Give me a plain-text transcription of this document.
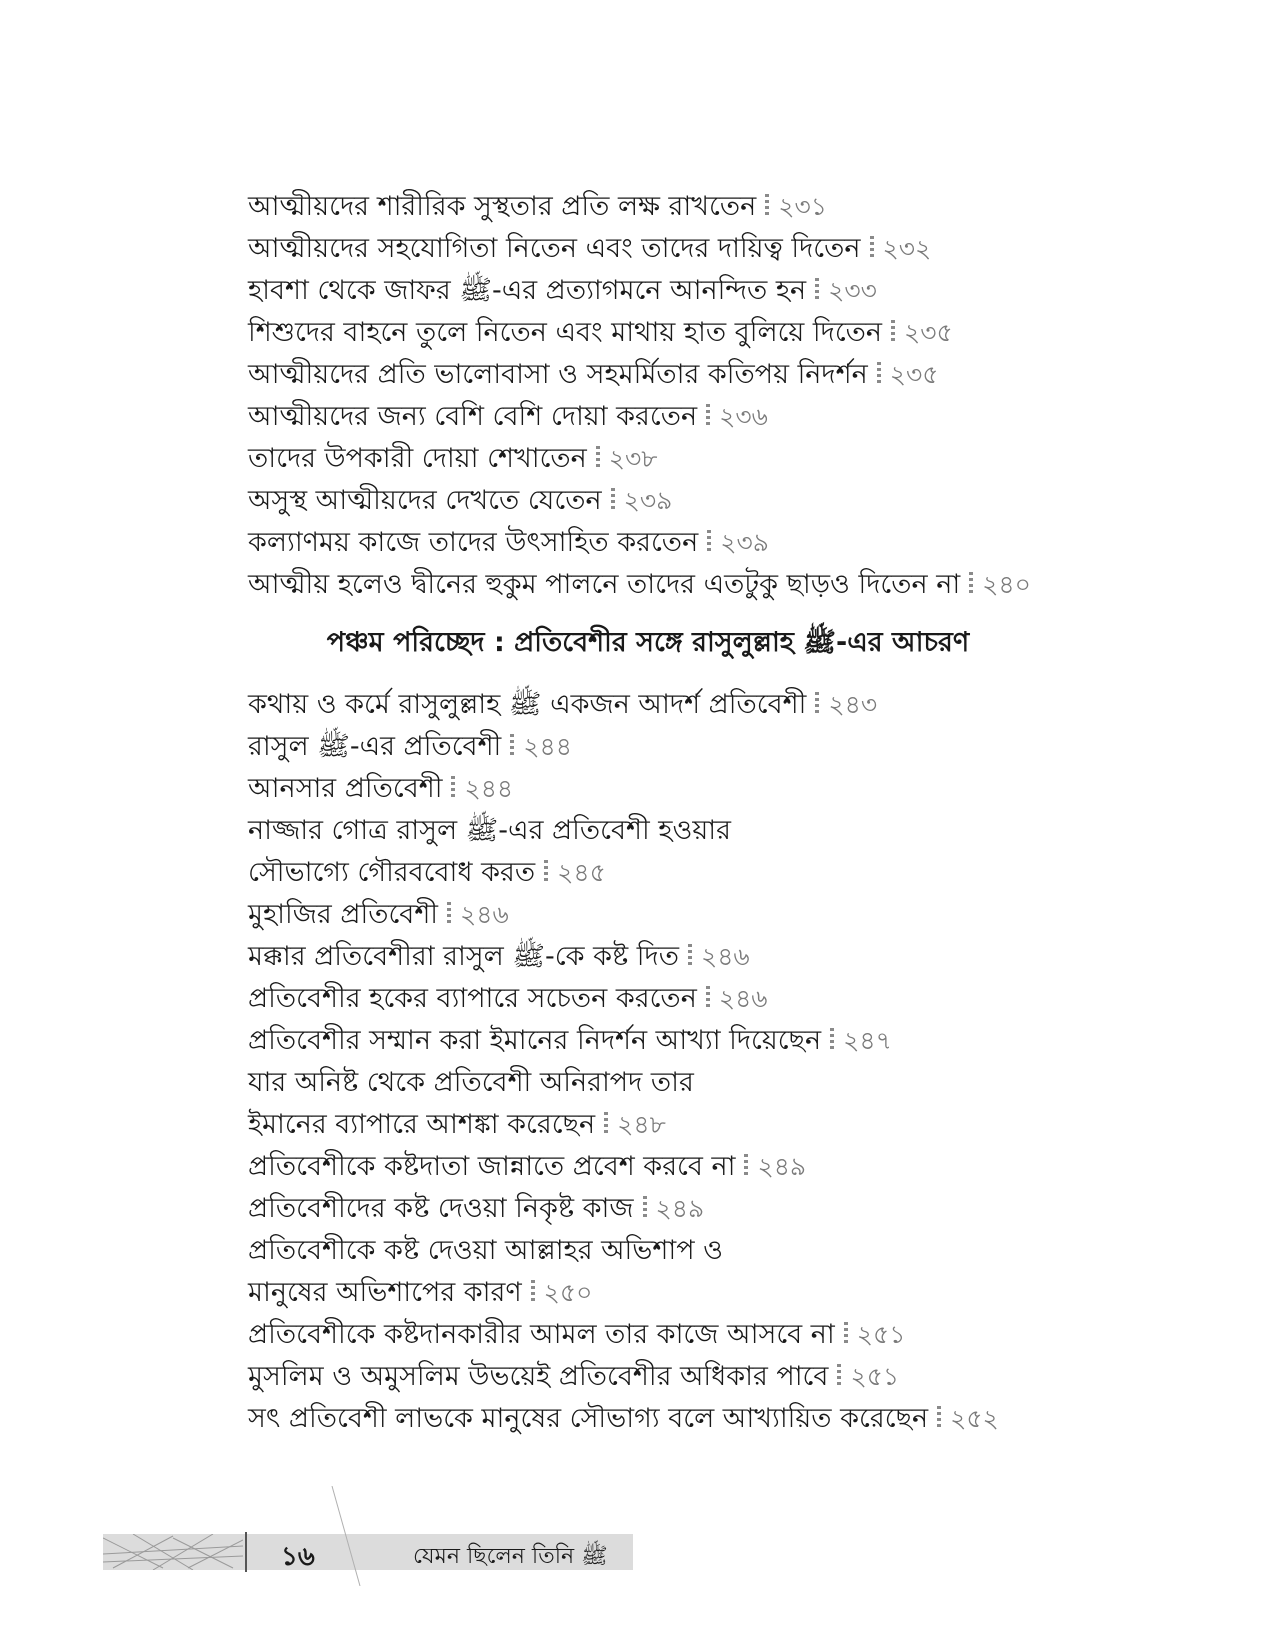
আত্মীয়দের শারীরিক সুস্থতার প্রতি লক্ষ রাখতেন ২৩১
আত্মীয়দের সহযোগিতা নিতেন এবং তাদের দায়িত্ব দিতেন ২৩২
হাবশা থেকে জাফর ﷺ-এর প্রত্যাগমনে আনন্দিত হন ২৩৩
শিশুদের বাহনে তুলে নিতেন এবং মাথায় হাত বুলিয়ে দিতেন ২৩৫
আত্মীয়দের প্রতি ভালোবাসা ও সহমর্মিতার কতিপয় নিদর্শন ২৩৫
আত্মীয়দের জন্য বেশি বেশি দোয়া করতেন ২৩৬
তাদের উপকারী দোয়া শেখাতেন ২৩৮
অসুস্থ আত্মীয়দের দেখতে যেতেন ২৩৯
কল্যাণময় কাজে তাদের উৎসাহিত করতেন ২৩৯
আত্মীয় হলেও দ্বীনের হুকুম পালনে তাদের এতটুকু ছাড়ও দিতেন না ২৪০
পঞ্চম পরিচ্ছেদ : প্রতিবেশীর সঙ্গে রাসুলুল্লাহ ﷺ-এর আচরণ
কথায় ও কর্মে রাসুলুল্লাহ ﷺ একজন আদর্শ প্রতিবেশী ২৪৩
রাসুল ﷺ-এর প্রতিবেশী ২৪৪
আনসার প্রতিবেশী ২৪৪
নাজ্জার গোত্র রাসুল ﷺ-এর প্রতিবেশী হওয়ার
সৌভাগ্যে গৌরববোধ করত ২৪৫
মুহাজির প্রতিবেশী ২৪৬
মক্কার প্রতিবেশীরা রাসুল ﷺ-কে কষ্ট দিত ২৪৬
প্রতিবেশীর হকের ব্যাপারে সচেতন করতেন ২৪৬
প্রতিবেশীর সম্মান করা ইমানের নিদর্শন আখ্যা দিয়েছেন ২৪৭
যার অনিষ্ট থেকে প্রতিবেশী অনিরাপদ তার
ইমানের ব্যাপারে আশঙ্কা করেছেন ২৪৮
প্রতিবেশীকে কষ্টদাতা জান্নাতে প্রবেশ করবে না ২৪৯
প্রতিবেশীদের কষ্ট দেওয়া নিকৃষ্ট কাজ ২৪৯
প্রতিবেশীকে কষ্ট দেওয়া আল্লাহর অভিশাপ ও
মানুষের অভিশাপের কারণ ২৫০
প্রতিবেশীকে কষ্টদানকারীর আমল তার কাজে আসবে না ২৫১
মুসলিম ও অমুসলিম উভয়েই প্রতিবেশীর অধিকার পাবে ২৫১
সৎ প্রতিবেশী লাভকে মানুষের সৌভাগ্য বলে আখ্যায়িত করেছেন ২৫২
১৬	যেমন ছিলেন তিনি ﷺ
